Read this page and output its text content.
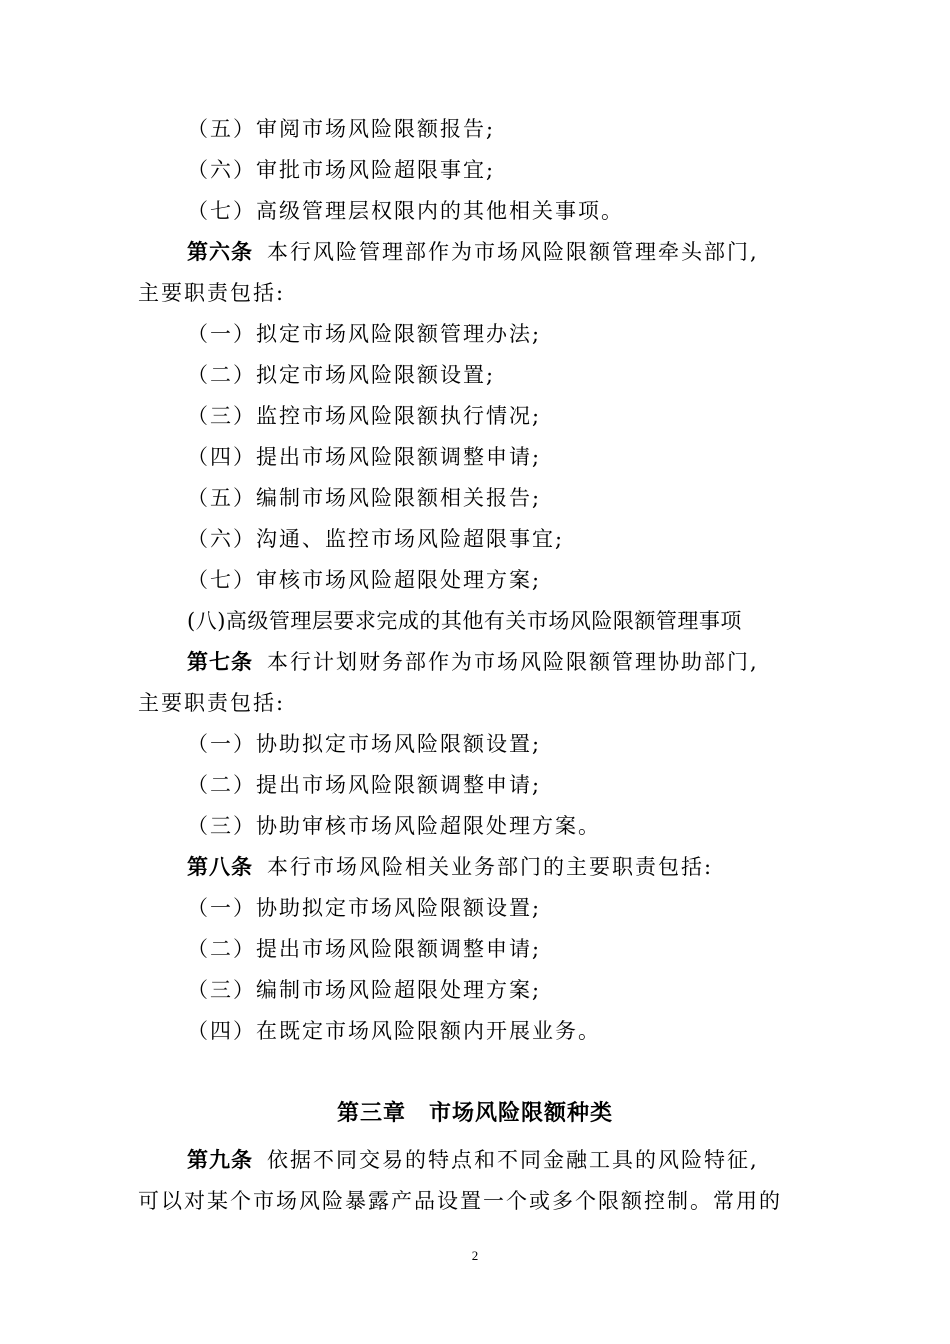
（五）审阅市场风险限额报告;
（六）审批市场风险超限事宜;
（七）高级管理层权限内的其他相关事项。
第六条 本行风险管理部作为市场风险限额管理牵头部门,
主要职责包括:
（一）拟定市场风险限额管理办法;
（二）拟定市场风险限额设置;
（三）监控市场风险限额执行情况;
（四）提出市场风险限额调整申请;
（五）编制市场风险限额相关报告;
（六）沟通、监控市场风险超限事宜;
（七）审核市场风险超限处理方案;
(八)高级管理层要求完成的其他有关市场风险限额管理事项
第七条 本行计划财务部作为市场风险限额管理协助部门,
主要职责包括:
（一）协助拟定市场风险限额设置;
（二）提出市场风险限额调整申请;
（三）协助审核市场风险超限处理方案。
第八条 本行市场风险相关业务部门的主要职责包括:
（一）协助拟定市场风险限额设置;
（二）提出市场风险限额调整申请;
（三）编制市场风险超限处理方案;
（四）在既定市场风险限额内开展业务。
第三章　市场风险限额种类
第九条 依据不同交易的特点和不同金融工具的风险特征,
可以对某个市场风险暴露产品设置一个或多个限额控制。常用的
2
